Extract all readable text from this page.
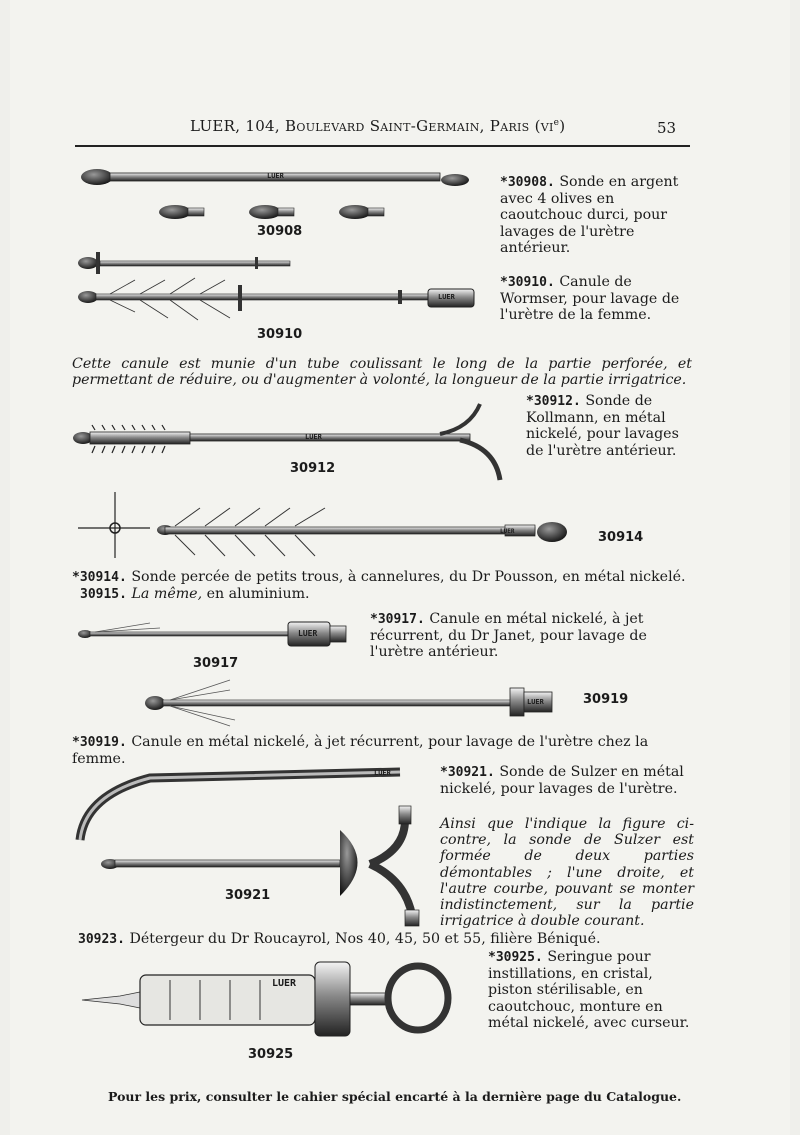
LUER, 104, Boulevard Saint-Germain, Paris $(vi^e)$	53
LUER
LUER
LUER
LUER
LUER
LUER
LUER
LUER
30908
30910
30912
30914
30917
30919
30921
30925
*30908. Sonde en argent avec 4 olives en caoutchouc durci, pour lavages de l'urètre antérieur.
*30910. Canule de Wormser, pour lavage de l'urètre de la femme.
Cette canule est munie d'un tube coulissant le long de la partie perforée, et permettant de réduire, ou d'augmenter à volonté, la longueur de la partie irrigatrice.
*30912. Sonde de Kollmann, en métal nickelé, pour lavages de l'urètre antérieur.
*30914. Sonde percée de petits trous, à cannelures, du Dr Pousson, en métal nickelé.
30915. La même, en aluminium.
*30917. Canule en métal nickelé, à jet récurrent, du Dr Janet, pour lavage de l'urètre antérieur.
*30919. Canule en métal nickelé, à jet récurrent, pour lavage de l'urètre chez la femme.
*30921. Sonde de Sulzer en métal nickelé, pour lavages de l'urètre.
Ainsi que l'indique la figure ci-contre, la sonde de Sulzer est formée de deux parties démontables ; l'une droite, et l'autre courbe, pouvant se monter indistinctement, sur la partie irrigatrice à double courant.
30923. Détergeur du Dr Roucayrol, Nos 40, 45, 50 et 55, filière Béniqué.
*30925. Seringue pour instillations, en cristal, piston stérilisable, en caoutchouc, monture en métal nickelé, avec curseur.
Pour les prix, consulter le cahier spécial encarté à la dernière page du Catalogue.
